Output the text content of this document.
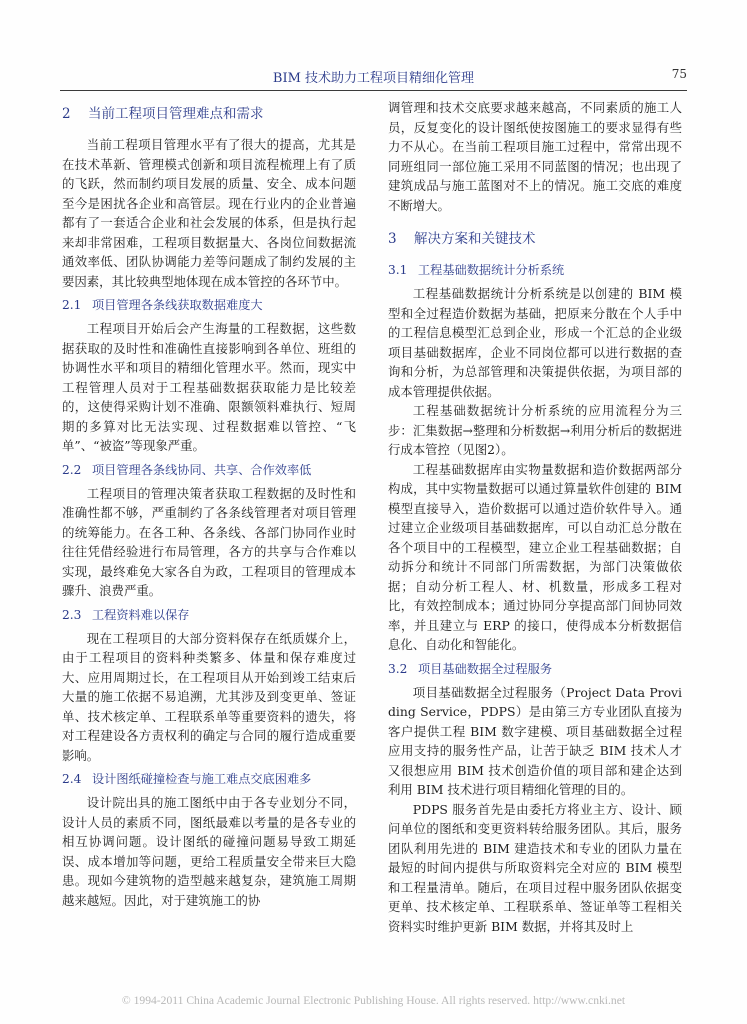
BIM 技术助力工程项目精细化管理	75
2 当前工程项目管理难点和需求

当前工程项目管理水平有了很大的提高，尤其是在技术革新、管理模式创新和项目流程梳理上有了质的飞跃，然而制约项目发展的质量、安全、成本问题至今是困扰各企业和高管层。现在行业内的企业普遍都有了一套适合企业和社会发展的体系，但是执行起来却非常困难，工程项目数据量大、各岗位间数据流通效率低、团队协调能力差等问题成了制约发展的主要因素，其比较典型地体现在成本管控的各环节中。

2.1 项目管理各条线获取数据难度大

工程项目开始后会产生海量的工程数据，这些数据获取的及时性和准确性直接影响到各单位、班组的协调性水平和项目的精细化管理水平。然而，现实中工程管理人员对于工程基础数据获取能力是比较差的，这使得采购计划不准确、限额领料难执行、短周期的多算对比无法实现、过程数据难以管控、“飞单”、“被盗”等现象严重。

2.2 项目管理各条线协同、共享、合作效率低

工程项目的管理决策者获取工程数据的及时性和准确性都不够，严重制约了各条线管理者对项目管理的统筹能力。在各工种、各条线、各部门协同作业时往往凭借经验进行布局管理，各方的共享与合作难以实现，最终难免大家各自为政，工程项目的管理成本骤升、浪费严重。

2.3 工程资料难以保存

现在工程项目的大部分资料保存在纸质媒介上，由于工程项目的资料种类繁多、体量和保存难度过大、应用周期过长，在工程项目从开始到竣工结束后大量的施工依据不易追溯，尤其涉及到变更单、签证单、技术核定单、工程联系单等重要资料的遗失，将对工程建设各方责权利的确定与合同的履行造成重要影响。

2.4 设计图纸碰撞检查与施工难点交底困难多

设计院出具的施工图纸中由于各专业划分不同，设计人员的素质不同，图纸最难以考量的是各专业的相互协调问题。设计图纸的碰撞问题易导致工期延误、成本增加等问题，更给工程质量安全带来巨大隐患。现如今建筑物的造型越来越复杂，建筑施工周期越来越短。因此，对于建筑施工的协

调管理和技术交底要求越来越高，不同素质的施工人员，反复变化的设计图纸使按图施工的要求显得有些力不从心。在当前工程项目施工过程中，常常出现不同班组同一部位施工采用不同蓝图的情况；也出现了建筑成品与施工蓝图对不上的情况。施工交底的难度不断增大。

3 解决方案和关键技术
3.1 工程基础数据统计分析系统

工程基础数据统计分析系统是以创建的 BIM 模型和全过程造价数据为基础，把原来分散在个人手中的工程信息模型汇总到企业，形成一个汇总的企业级项目基础数据库，企业不同岗位都可以进行数据的查询和分析，为总部管理和决策提供依据，为项目部的成本管理提供依据。

工程基础数据统计分析系统的应用流程分为三步：汇集数据→整理和分析数据→利用分析后的数据进行成本管控（见图2）。

工程基础数据库由实物量数据和造价数据两部分构成，其中实物量数据可以通过算量软件创建的 BIM 模型直接导入，造价数据可以通过造价软件导入。通过建立企业级项目基础数据库，可以自动汇总分散在各个项目中的工程模型，建立企业工程基础数据；自动拆分和统计不同部门所需数据，为部门决策做依据；自动分析工程人、材、机数量，形成多工程对比，有效控制成本；通过协同分享提高部门间协同效率，并且建立与 ERP 的接口，使得成本分析数据信息化、自动化和智能化。

3.2 项目基础数据全过程服务

项目基础数据全过程服务（Project Data Providing Service，PDPS）是由第三方专业团队直接为客户提供工程 BIM 数字建模、项目基础数据全过程应用支持的服务性产品，让苦于缺乏 BIM 技术人才又很想应用 BIM 技术创造价值的项目部和建企达到利用 BIM 技术进行项目精细化管理的目的。

PDPS 服务首先是由委托方将业主方、设计、顾问单位的图纸和变更资料转给服务团队。其后，服务团队利用先进的 BIM 建造技术和专业的团队力量在最短的时间内提供与所取资料完全对应的 BIM 模型和工程量清单。随后，在项目过程中服务团队依据变更单、技术核定单、工程联系单、签证单等工程相关资料实时维护更新 BIM 数据，并将其及时上

© 1994-2011 China Academic Journal Electronic Publishing House. All rights reserved. http://www.cnki.net
